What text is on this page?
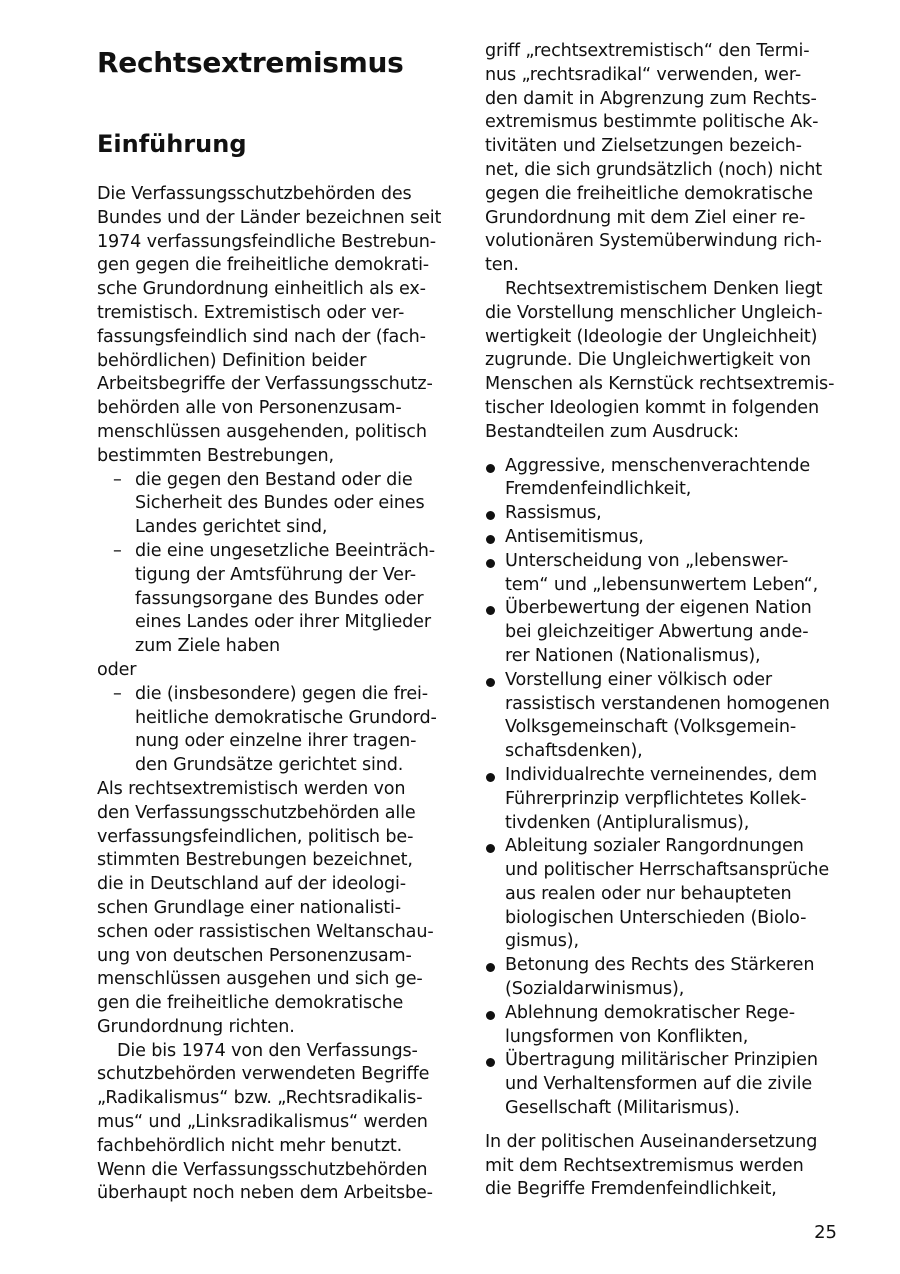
Rechtsextremismus
Einführung
Die Verfassungsschutzbehörden des
Bundes und der Länder bezeichnen seit
1974 verfassungsfeindliche Bestrebun-
gen gegen die freiheitliche demokrati-
sche Grundordnung einheitlich als ex-
tremistisch. Extremistisch oder ver-
fassungsfeindlich sind nach der (fach-
behördlichen) Definition beider
Arbeitsbegriffe der Verfassungsschutz-
behörden alle von Personenzusam-
menschlüssen ausgehenden, politisch
bestimmten Bestrebungen,
– die gegen den Bestand oder die
Sicherheit des Bundes oder eines
Landes gerichtet sind,
– die eine ungesetzliche Beeinträch-
tigung der Amtsführung der Ver-
fassungsorgane des Bundes oder
eines Landes oder ihrer Mitglieder
zum Ziele haben
oder
– die (insbesondere) gegen die frei-
heitliche demokratische Grundord-
nung oder einzelne ihrer tragen-
den Grundsätze gerichtet sind.
Als rechtsextremistisch werden von
den Verfassungsschutzbehörden alle
verfassungsfeindlichen, politisch be-
stimmten Bestrebungen bezeichnet,
die in Deutschland auf der ideologi-
schen Grundlage einer nationalisti-
schen oder rassistischen Weltanschau-
ung von deutschen Personenzusam-
menschlüssen ausgehen und sich ge-
gen die freiheitliche demokratische
Grundordnung richten.
Die bis 1974 von den Verfassungs-
schutzbehörden verwendeten Begriffe
„Radikalismus“ bzw. „Rechtsradikalis-
mus“ und „Linksradikalismus“ werden
fachbehördlich nicht mehr benutzt.
Wenn die Verfassungsschutzbehörden
überhaupt noch neben dem Arbeitsbe-
griff „rechtsextremistisch“ den Termi-
nus „rechtsradikal“ verwenden, wer-
den damit in Abgrenzung zum Rechts-
extremismus bestimmte politische Ak-
tivitäten und Zielsetzungen bezeich-
net, die sich grundsätzlich (noch) nicht
gegen die freiheitliche demokratische
Grundordnung mit dem Ziel einer re-
volutionären Systemüberwindung rich-
ten.
Rechtsextremistischem Denken liegt
die Vorstellung menschlicher Ungleich-
wertigkeit (Ideologie der Ungleichheit)
zugrunde. Die Ungleichwertigkeit von
Menschen als Kernstück rechtsextremis-
tischer Ideologien kommt in folgenden
Bestandteilen zum Ausdruck:
Aggressive, menschenverachtende
Fremdenfeindlichkeit,
Rassismus,
Antisemitismus,
Unterscheidung von „lebenswer-
tem“ und „lebensunwertem Leben“,
Überbewertung der eigenen Nation
bei gleichzeitiger Abwertung ande-
rer Nationen (Nationalismus),
Vorstellung einer völkisch oder
rassistisch verstandenen homogenen
Volksgemeinschaft (Volksgemein-
schaftsdenken),
Individualrechte verneinendes, dem
Führerprinzip verpflichtetes Kollek-
tivdenken (Antipluralismus),
Ableitung sozialer Rangordnungen
und politischer Herrschaftsansprüche
aus realen oder nur behaupteten
biologischen Unterschieden (Biolo-
gismus),
Betonung des Rechts des Stärkeren
(Sozialdarwinismus),
Ablehnung demokratischer Rege-
lungsformen von Konflikten,
Übertragung militärischer Prinzipien
und Verhaltensformen auf die zivile
Gesellschaft (Militarismus).
In der politischen Auseinandersetzung
mit dem Rechtsextremismus werden
die Begriffe Fremdenfeindlichkeit,
25
